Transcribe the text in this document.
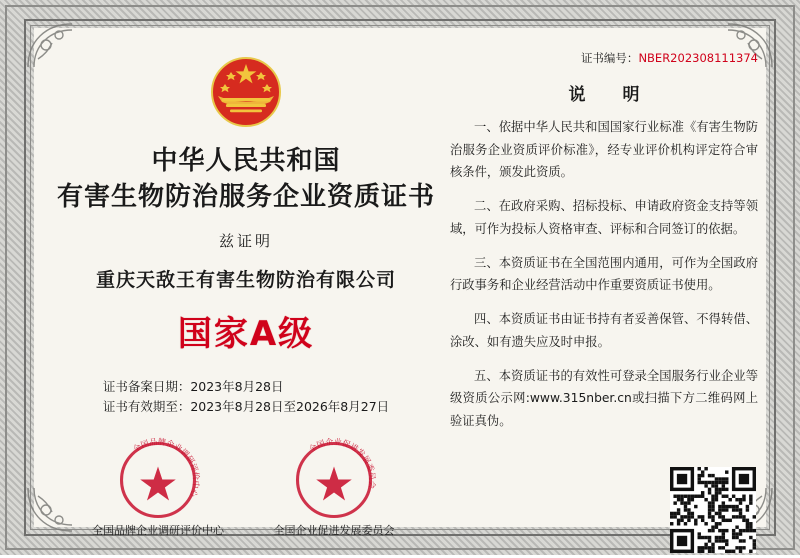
中华人民共和国
有害生物防治服务企业资质证书
兹证明
重庆天敌王有害生物防治有限公司
国家A级
证书备案日期：2023年8月28日
证书有效期至：2023年8月28日至2026年8月27日
全国品牌企业调研评价中心
全国品牌企业调研评价中心
全国企业促进发展委员会
全国企业促进发展委员会
证书编号：NBER202308111374
说　明
一、依据中华人民共和国国家行业标准《有害生物防治服务企业资质评价标准》，经专业评价机构评定符合审核条件，颁发此资质。
二、在政府采购、招标投标、申请政府资金支持等领域，可作为投标人资格审查、评标和合同签订的依据。
三、本资质证书在全国范围内通用，可作为全国政府行政事务和企业经营活动中作重要资质证书使用。
四、本资质证书由证书持有者妥善保管、不得转借、涂改、如有遗失应及时申报。
五、本资质证书的有效性可登录全国服务行业企业等级资质公示网:www.315nber.cn或扫描下方二维码网上验证真伪。
